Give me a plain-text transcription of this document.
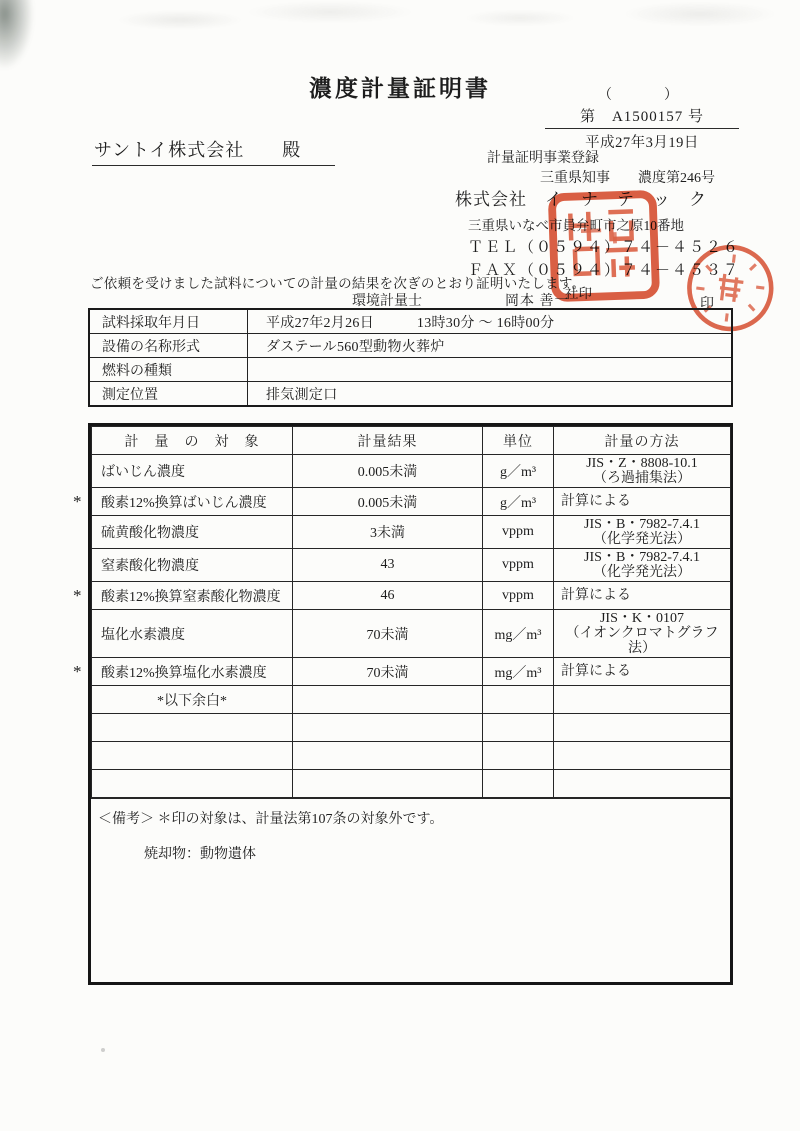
濃度計量証明書	（　　）
第　A1500157 号
平成27年3月19日
サントイ株式会社　　殿	計量証明事業登録
三重県知事　　濃度第246号
株式会社　イ　ナ　テ　ッ　ク
三重県いなべ市員弁町市之原10番地
ＴＥＬ（０５９４）７４－４５２６
ＦＡＸ（０５９４）７４－４５３７
社印
ご依頼を受けました試料についての計量の結果を次ぎのとおり証明いたします。
環境計量士	岡本 善一	印
試料採取年月日	平成27年2月26日　　　13時30分 ～ 16時00分
設備の名称形式	ダステール560型動物火葬炉
燃料の種類	
測定位置	排気測定口
計　量　の　対　象	計量結果	単位	計量の方法
ばいじん濃度	0.005未満	g／m³	JIS・Z・8808-10.1
（ろ過捕集法）

* 酸素12%換算ばいじん濃度	0.005未満	g／m³	計算による

硫黄酸化物濃度	3未満	vppm	JIS・B・7982-7.4.1
（化学発光法）

窒素酸化物濃度	43	vppm	JIS・B・7982-7.4.1
（化学発光法）

* 酸素12%換算窒素酸化物濃度	46	vppm	計算による

塩化水素濃度	70未満	mg／m³	JIS・K・0107
（イオンクロマトグラフ法）

* 酸素12%換算塩化水素濃度	70未満	mg／m³	計算による

*以下余白*			

＜備考＞ ＊印の対象は、計量法第107条の対象外です。
焼却物：動物遺体
